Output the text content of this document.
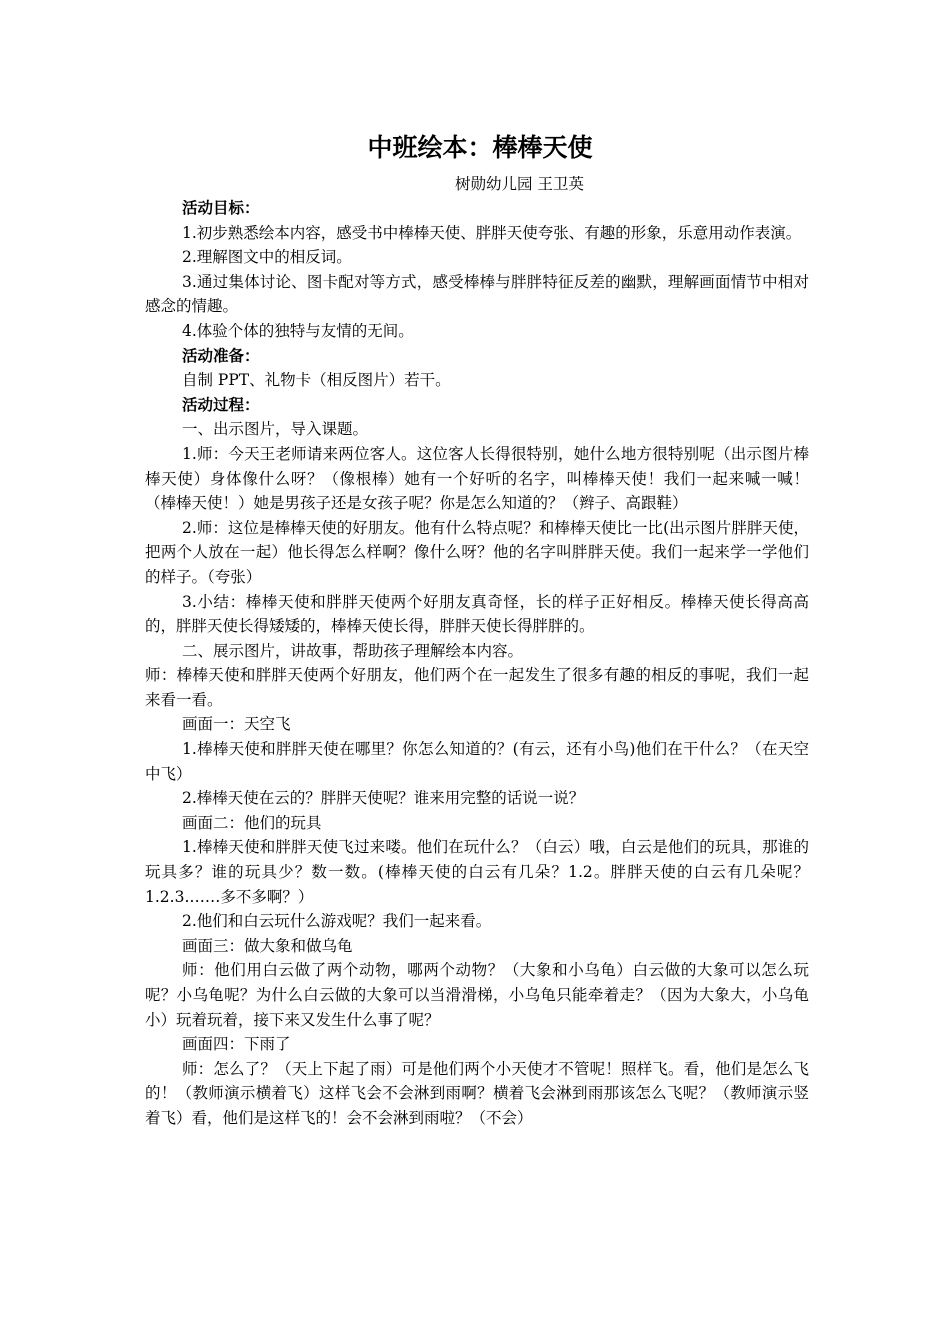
中班绘本：棒棒天使
树勋幼儿园 王卫英

活动目标：

1.初步熟悉绘本内容，感受书中棒棒天使、胖胖天使夸张、有趣的形象，乐意用动作表演。

2.理解图文中的相反词。

3.通过集体讨论、图卡配对等方式，感受棒棒与胖胖特征反差的幽默，理解画面情节中相对感念的情趣。

4.体验个体的独特与友情的无间。

活动准备：

自制 PPT、礼物卡（相反图片）若干。

活动过程：

一、出示图片，导入课题。

1.师：今天王老师请来两位客人。这位客人长得很特别，她什么地方很特别呢（出示图片棒棒天使）身体像什么呀？（像根棒）她有一个好听的名字，叫棒棒天使！我们一起来喊一喊！（棒棒天使！）她是男孩子还是女孩子呢？你是怎么知道的？（辫子、高跟鞋）

2.师：这位是棒棒天使的好朋友。他有什么特点呢？和棒棒天使比一比(出示图片胖胖天使，把两个人放在一起）他长得怎么样啊？像什么呀？他的名字叫胖胖天使。我们一起来学一学他们的样子。（夸张）

3.小结：棒棒天使和胖胖天使两个好朋友真奇怪，长的样子正好相反。棒棒天使长得高高的，胖胖天使长得矮矮的，棒棒天使长得，胖胖天使长得胖胖的。

二、展示图片，讲故事，帮助孩子理解绘本内容。

师：棒棒天使和胖胖天使两个好朋友，他们两个在一起发生了很多有趣的相反的事呢，我们一起来看一看。

画面一：天空飞

1.棒棒天使和胖胖天使在哪里？你怎么知道的？(有云，还有小鸟)他们在干什么？（在天空中飞）

2.棒棒天使在云的？胖胖天使呢？谁来用完整的话说一说？

画面二：他们的玩具

1.棒棒天使和胖胖天使飞过来喽。他们在玩什么？（白云）哦，白云是他们的玩具，那谁的玩具多？谁的玩具少？数一数。(棒棒天使的白云有几朵？1.2。胖胖天使的白云有几朵呢？ 1.2.3.……多不多啊？）

2.他们和白云玩什么游戏呢？我们一起来看。

画面三：做大象和做乌龟

师：他们用白云做了两个动物，哪两个动物？（大象和小乌龟）白云做的大象可以怎么玩呢？小乌龟呢？为什么白云做的大象可以当滑滑梯，小乌龟只能牵着走？（因为大象大，小乌龟小）玩着玩着，接下来又发生什么事了呢？

画面四：下雨了

师：怎么了？（天上下起了雨）可是他们两个小天使才不管呢！照样飞。看，他们是怎么飞的！（教师演示横着飞）这样飞会不会淋到雨啊？横着飞会淋到雨那该怎么飞呢？（教师演示竖着飞）看，他们是这样飞的！会不会淋到雨啦？（不会）
